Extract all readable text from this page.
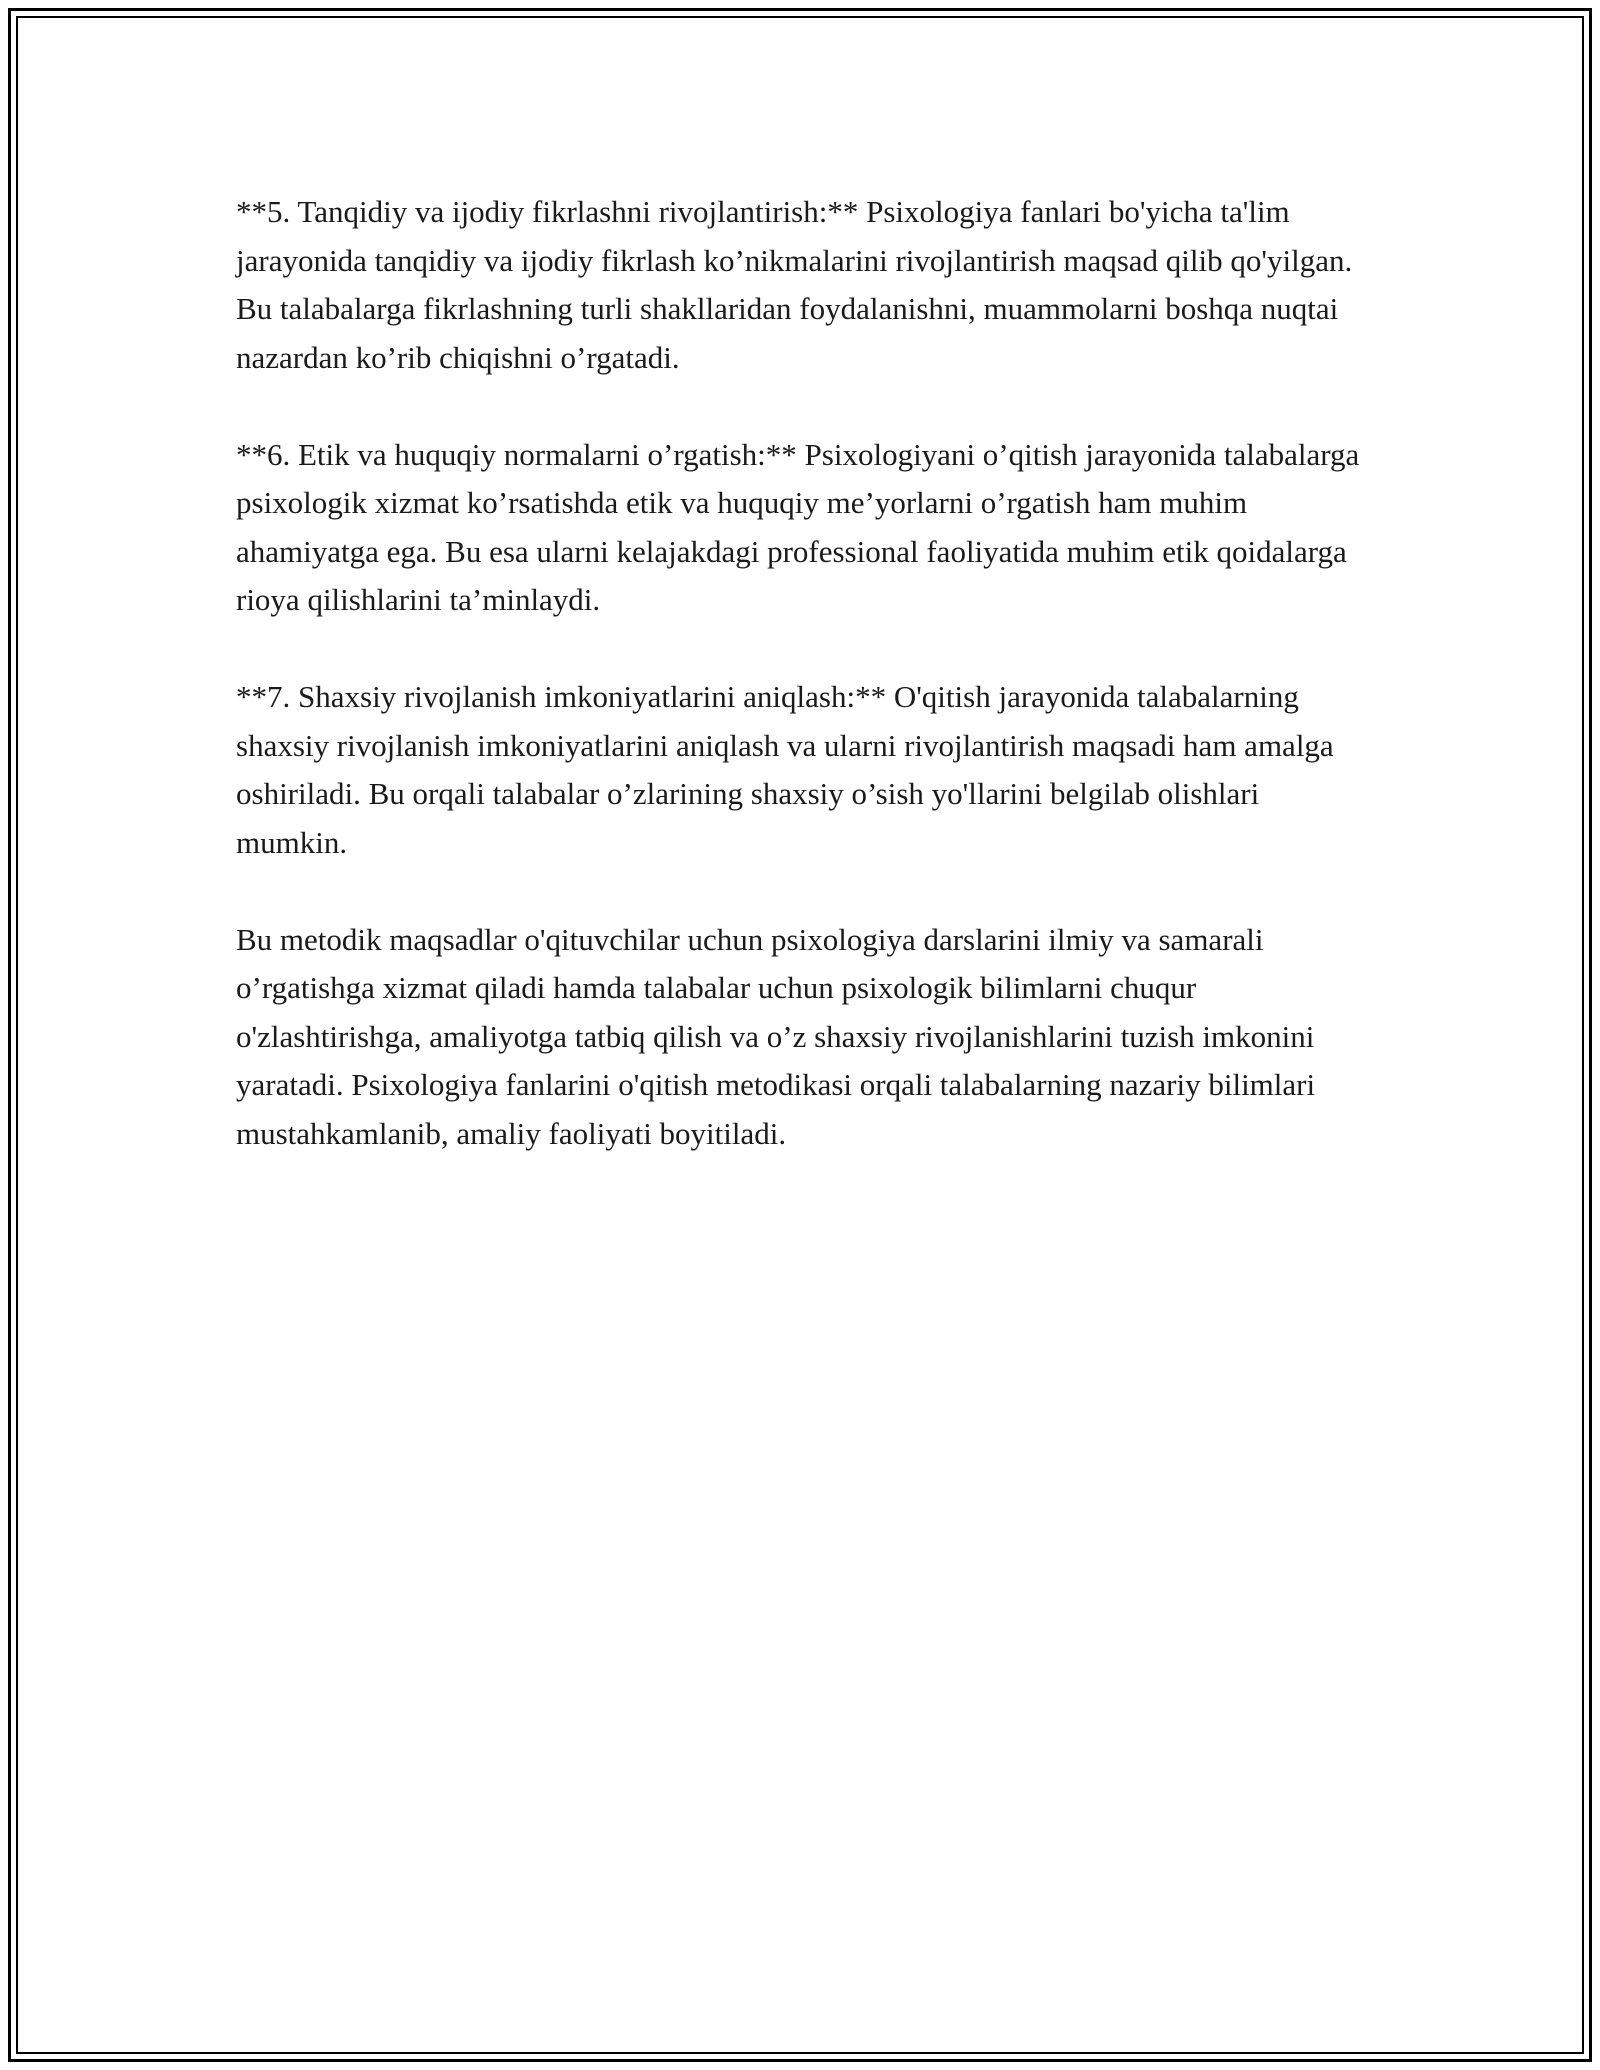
**5. Tanqidiy va ijodiy fikrlashni rivojlantirish:** Psixologiya fanlari bo'yicha ta'lim jarayonida tanqidiy va ijodiy fikrlash ko’nikmalarini rivojlantirish maqsad qilib qo'yilgan. Bu talabalarga fikrlashning turli shakllaridan foydalanishni, muammolarni boshqa nuqtai nazardan ko’rib chiqishni o’rgatadi.

**6. Etik va huquqiy normalarni o’rgatish:** Psixologiyani o’qitish jarayonida talabalarga psixologik xizmat ko’rsatishda etik va huquqiy me’yorlarni o’rgatish ham muhim ahamiyatga ega. Bu esa ularni kelajakdagi professional faoliyatida muhim etik qoidalarga rioya qilishlarini ta’minlaydi.

**7. Shaxsiy rivojlanish imkoniyatlarini aniqlash:** O'qitish jarayonida talabalarning shaxsiy rivojlanish imkoniyatlarini aniqlash va ularni rivojlantirish maqsadi ham amalga oshiriladi. Bu orqali talabalar o’zlarining shaxsiy o’sish yo'llarini belgilab olishlari mumkin.

Bu metodik maqsadlar o'qituvchilar uchun psixologiya darslarini ilmiy va samarali o’rgatishga xizmat qiladi hamda talabalar uchun psixologik bilimlarni chuqur o'zlashtirishga, amaliyotga tatbiq qilish va o’z shaxsiy rivojlanishlarini tuzish imkonini yaratadi. Psixologiya fanlarini o'qitish metodikasi orqali talabalarning nazariy bilimlari mustahkamlanib, amaliy faoliyati boyitiladi.
